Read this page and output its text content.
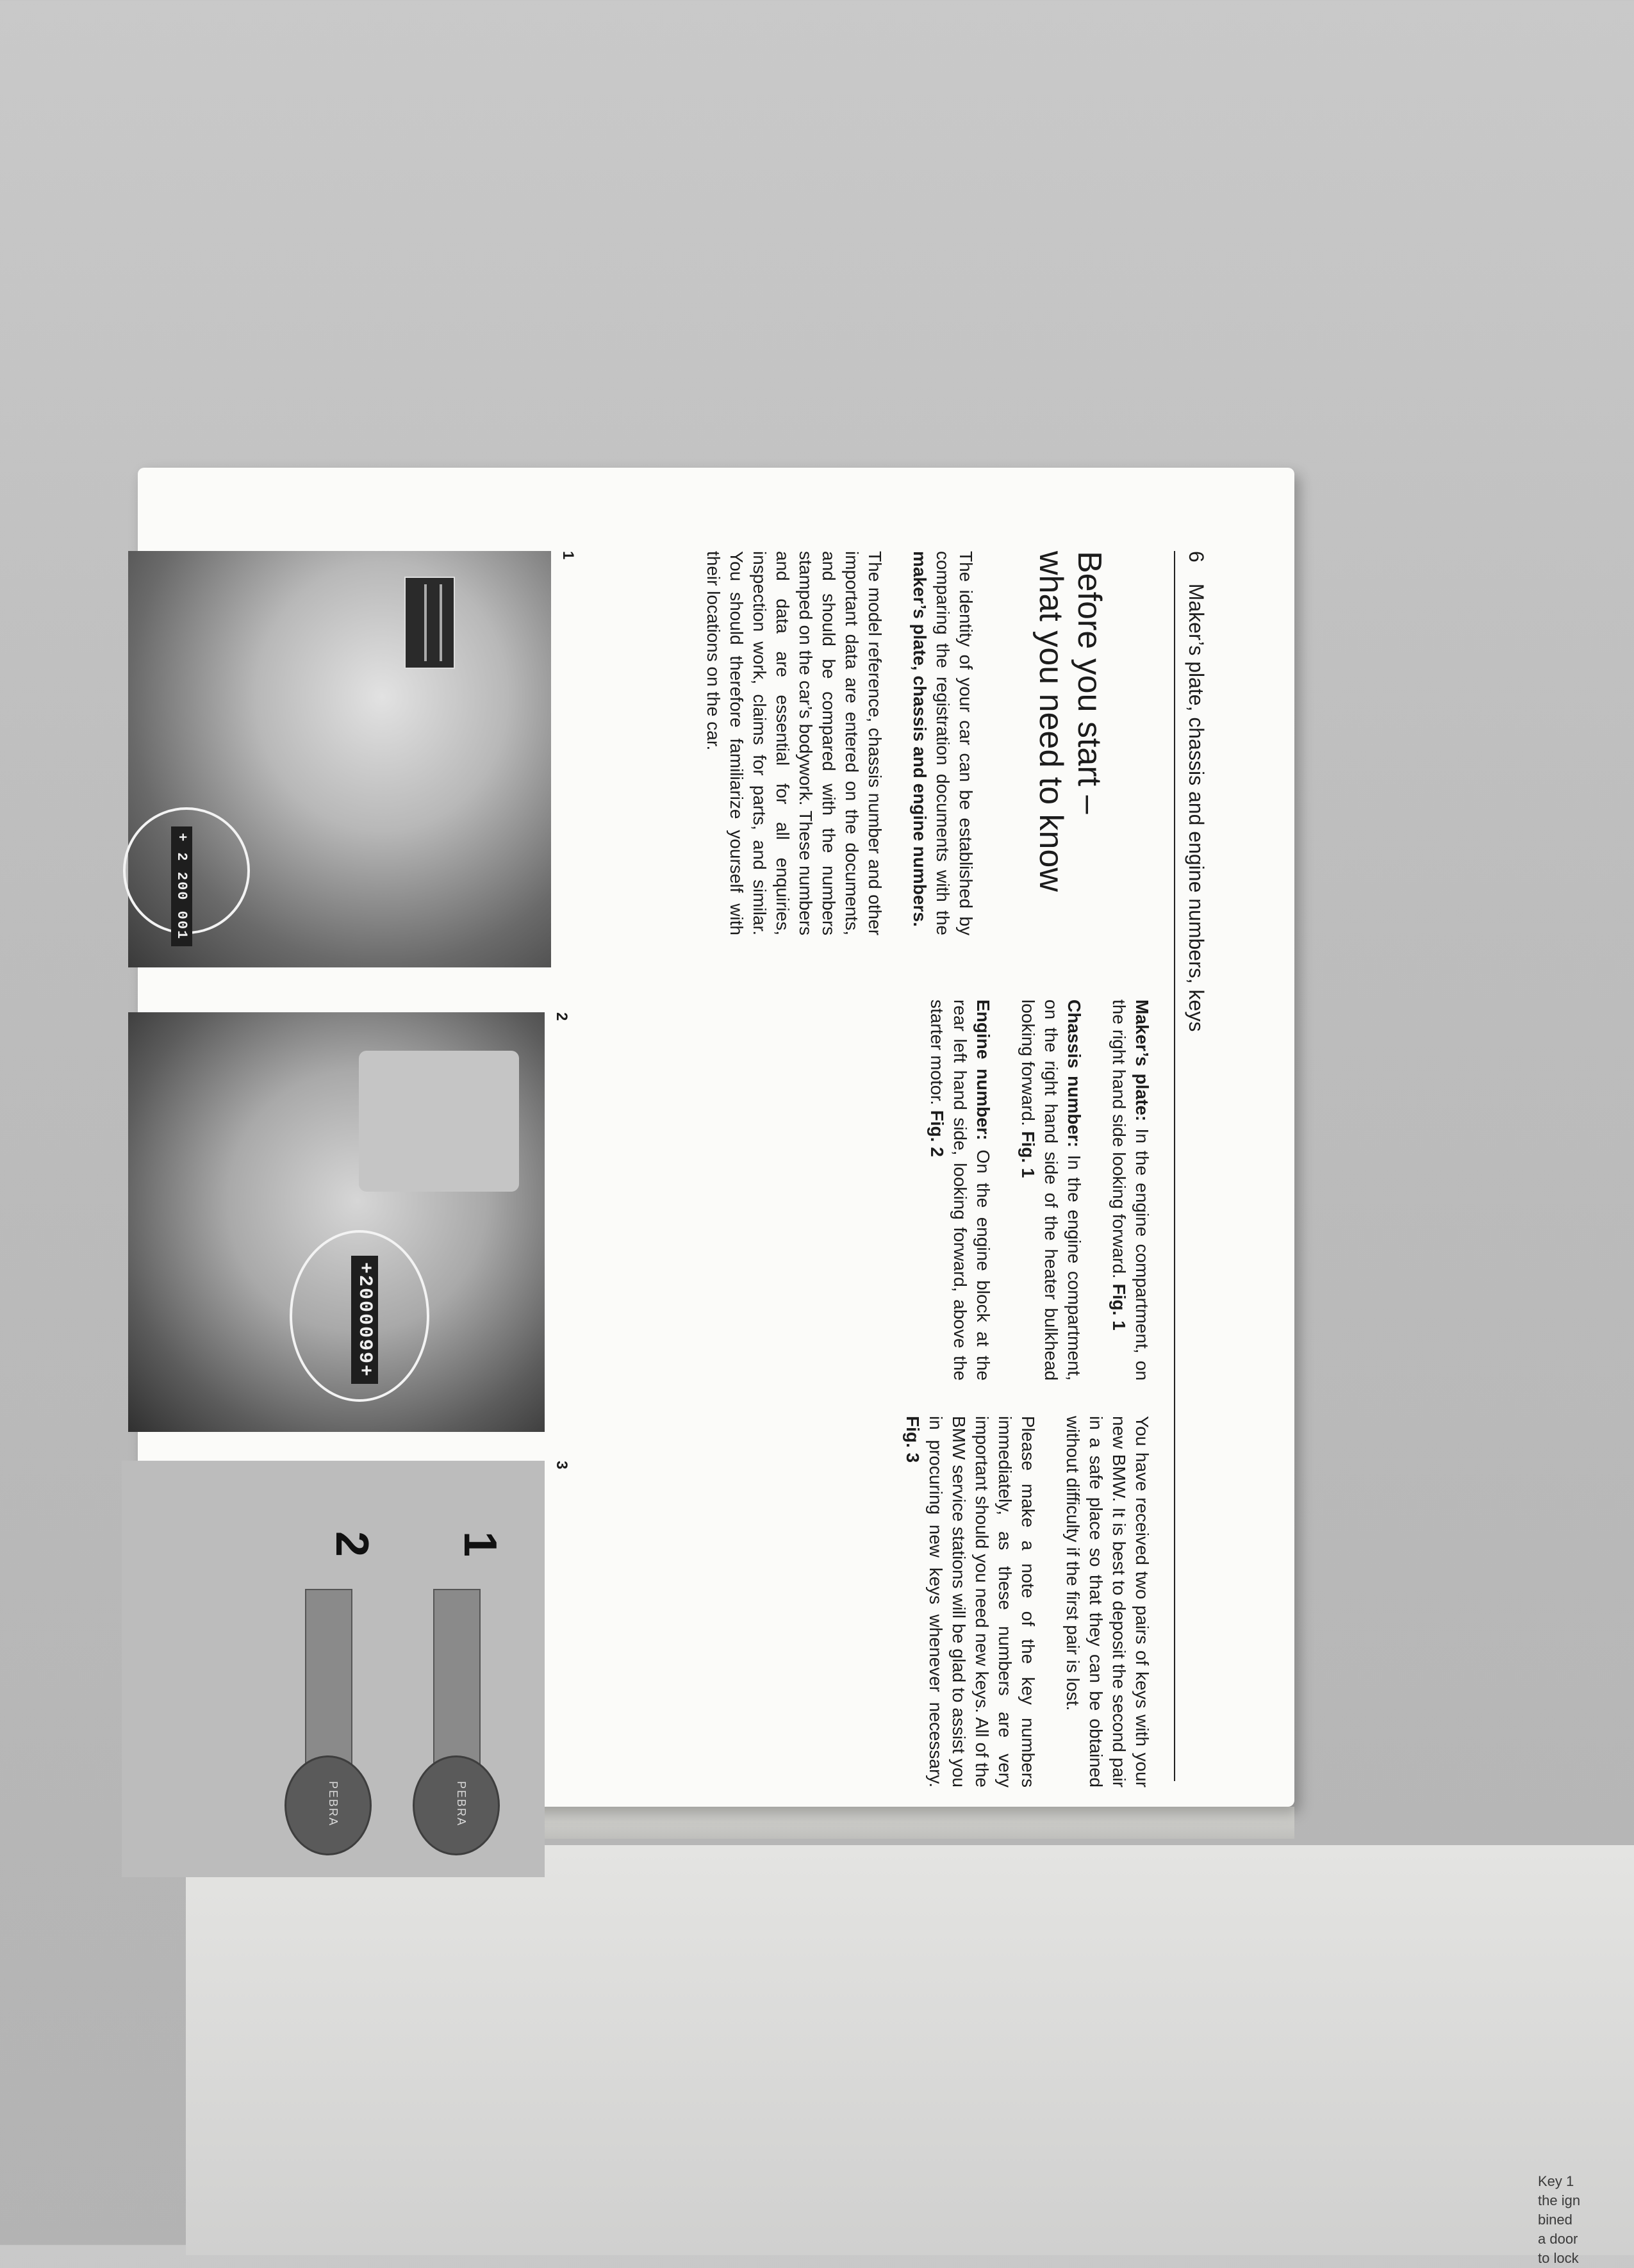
6 Maker’s plate, chassis and engine numbers, keys
Before you start –
what you need to know

The identity of your car can be established by comparing the registration documents with the maker’s plate, chassis and engine numbers.

The model reference, chassis number and other important data are entered on the documents, and should be compared with the numbers stamped on the car’s bodywork. These numbers and data are essential for all enquiries, inspection work, claims for parts, and similar. You should therefore familiarize yourself with their locations on the car.

Maker’s plate: In the engine compartment, on the right hand side looking forward. Fig. 1

Chassis number: In the engine compartment, on the right hand side of the heater bulkhead looking forward. Fig. 1

Engine number: On the engine block at the rear left hand side, looking forward, above the starter motor. Fig. 2

You have received two pairs of keys with your new BMW. It is best to deposit the second pair in a safe place so that they can be obtained without difficulty if the first pair is lost.

Please make a note of the key numbers immediately, as these numbers are very important should you need new keys. All of the BMW service stations will be glad to assist you in procuring new keys whenever necessary. Fig. 3

1
+ 2 200 001
2
+2000099+
3
1
PEBRA
2
PEBRA
Key 1
the ign
bined
a door
to lock
